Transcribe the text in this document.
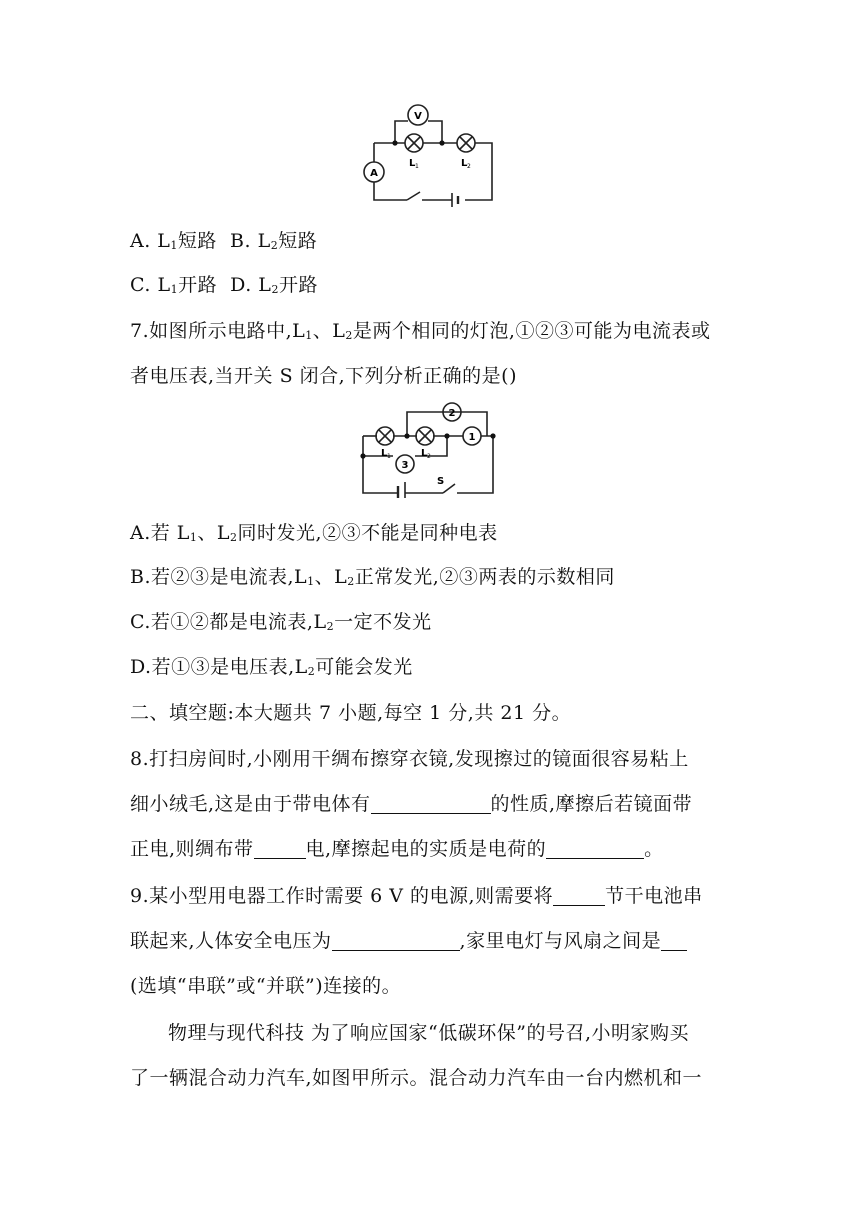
V
A
L 1	L 2
A. $L_1$短路 B. $L_2$短路
C. $L_1$开路 D. $L_2$开路
7.如图所示电路中$,L_1$、$L_2$是两个相同的灯泡,①②③可能为电流表或
者电压表,当开关 S 闭合,下列分析正确的是()
2
1
3
L 1	L 2
S
A.若 $L_1$、$L_2$同时发光,②③不能是同种电表
B.若②③是电流表$,L_1$、$L_2$正常发光,②③两表的示数相同
C.若①②都是电流表$,L_2$一定不发光
D.若①③是电压表$,L_2$可能会发光
二、填空题:本大题共 7 小题,每空 1 分,共 21 分。
8.打扫房间时,小刚用干绸布擦穿衣镜,发现擦过的镜面很容易粘上
细小绒毛,这是由于带电体有	的性质,摩擦后若镜面带
正电,则绸布带	电,摩擦起电的实质是电荷的	。
9.某小型用电器工作时需要 6 V 的电源,则需要将	节干电池串
联起来,人体安全电压为	,家里电灯与风扇之间是
(选填“串联”或“并联”)连接的。
物理与现代科技 为了响应国家“低碳环保”的号召,小明家购买
了一辆混合动力汽车,如图甲所示。混合动力汽车由一台内燃机和一
